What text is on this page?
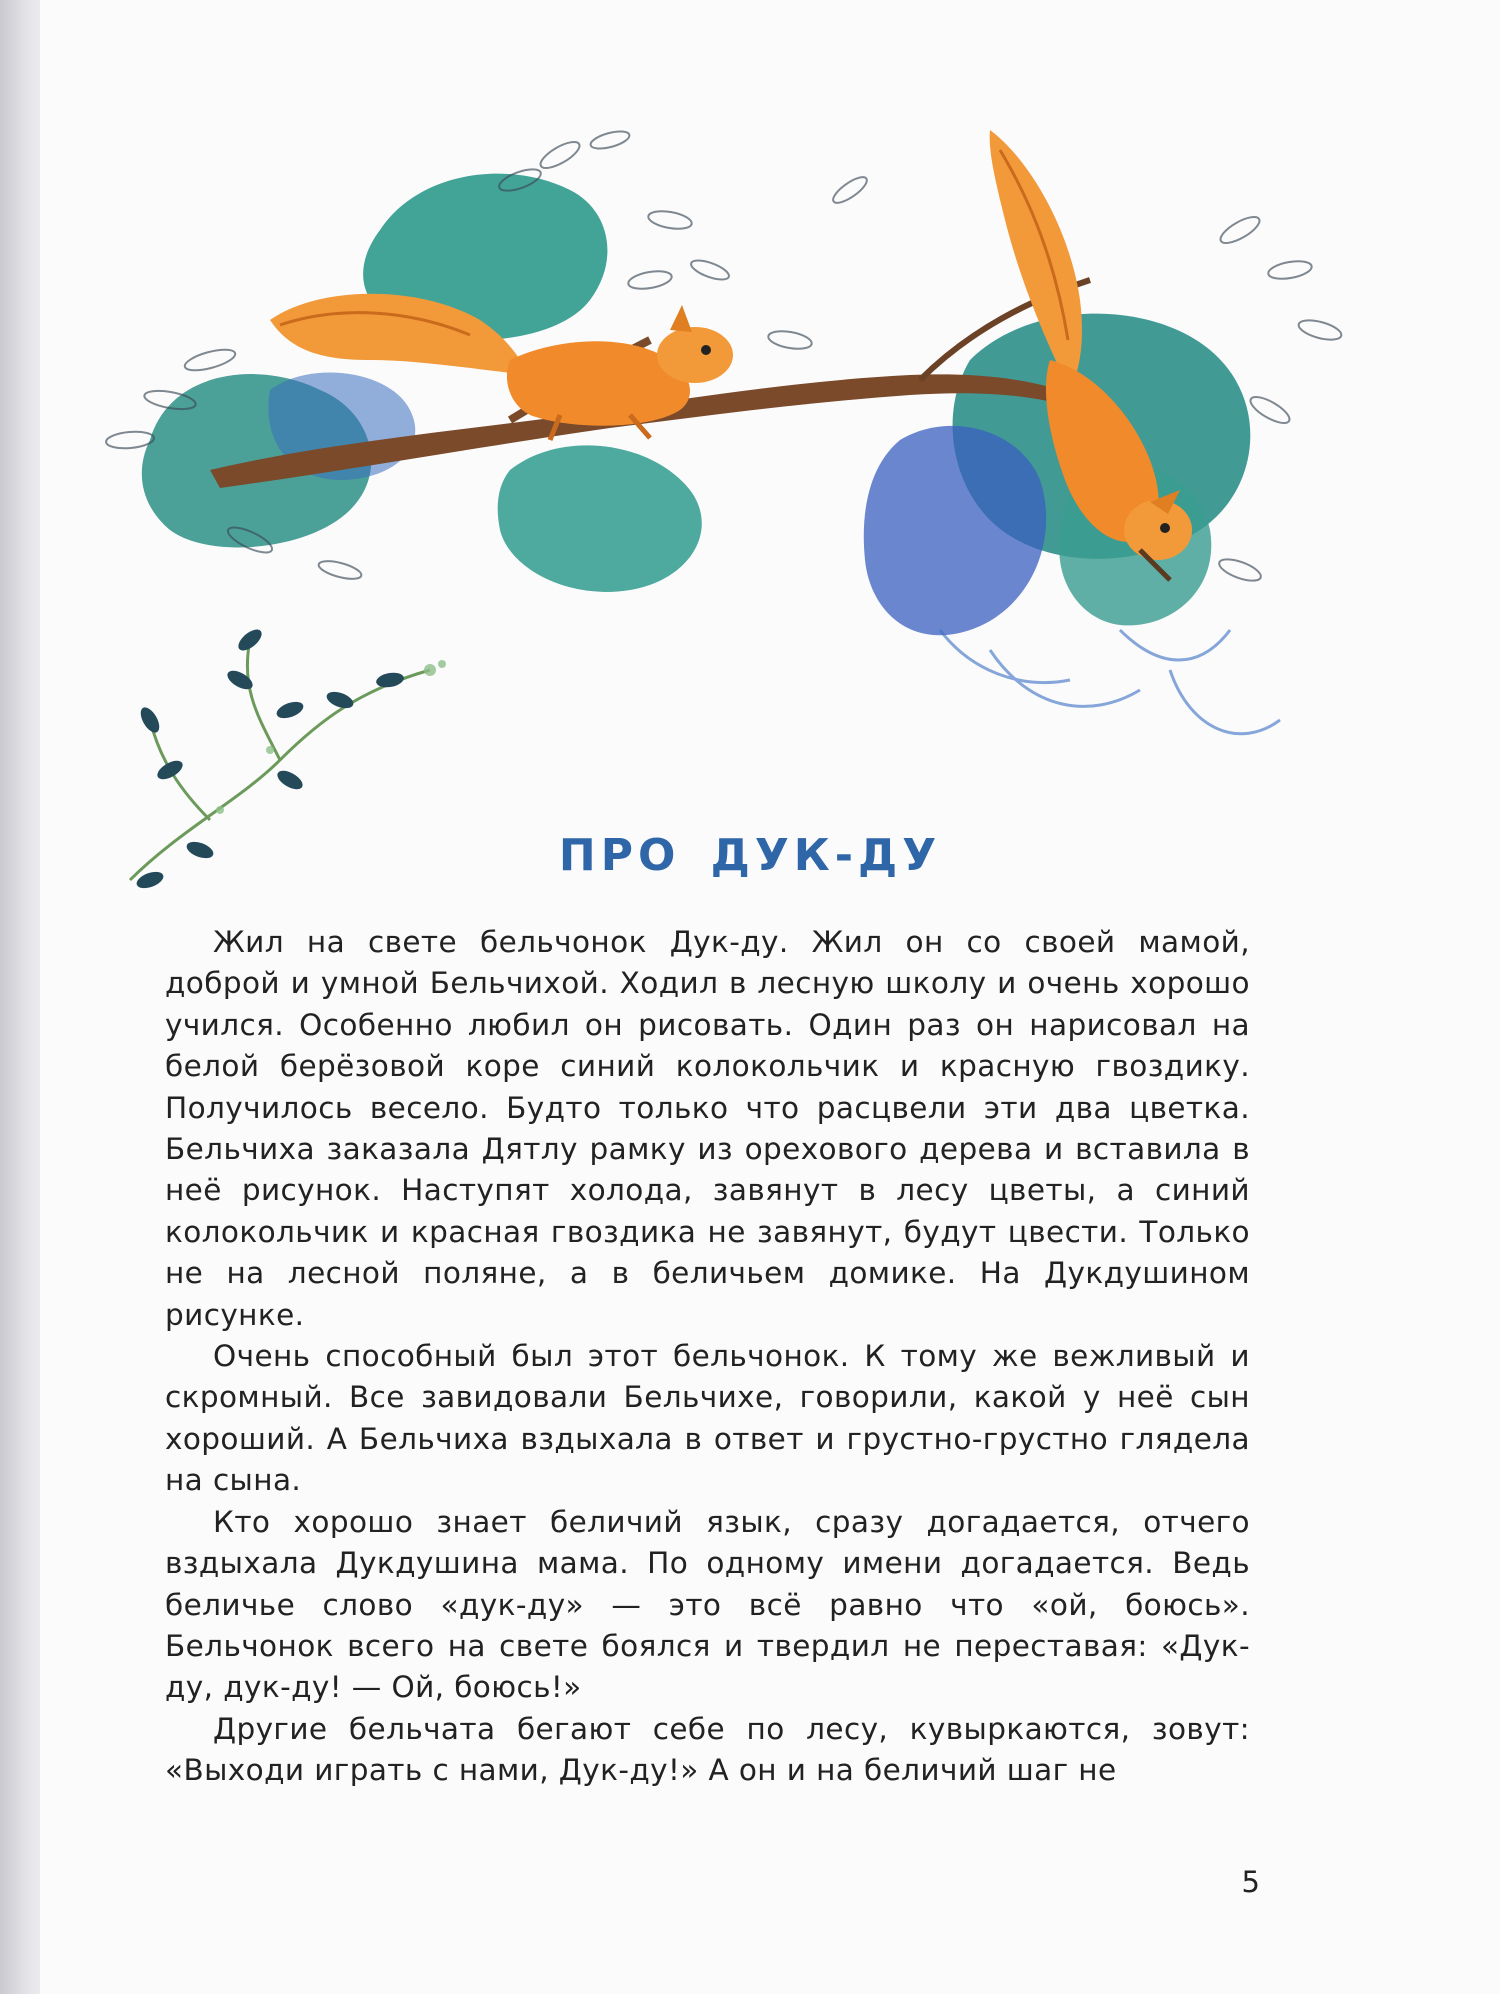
ПРО ДУК-ДУ

Жил на свете бельчонок Дук-ду. Жил он со своей мамой, доброй и умной Бельчихой. Ходил в лесную школу и очень хорошо учился. Особенно любил он рисовать. Один раз он нарисовал на белой берёзовой коре синий колокольчик и красную гвоздику. Получилось весело. Будто только что расцвели эти два цветка. Бельчиха заказала Дятлу рамку из орехового дерева и вставила в неё рисунок. Наступят холода, завянут в лесу цветы, а синий колокольчик и красная гвоздика не завянут, будут цвести. Только не на лесной поляне, а в беличьем домике. На Дукдушином рисунке.

Очень способный был этот бельчонок. К тому же вежливый и скромный. Все завидовали Бельчихе, говорили, какой у неё сын хороший. А Бельчиха вздыхала в ответ и грустно-грустно глядела на сына.

Кто хорошо знает беличий язык, сразу догадается, отчего вздыхала Дукдушина мама. По одному имени догадается. Ведь беличье слово «дук-ду» — это всё равно что «ой, боюсь». Бельчонок всего на свете боялся и твердил не переставая: «Дук-ду, дук-ду! — Ой, боюсь!»

Другие бельчата бегают себе по лесу, кувыркаются, зовут: «Выходи играть с нами, Дук-ду!» А он и на беличий шаг не

5
